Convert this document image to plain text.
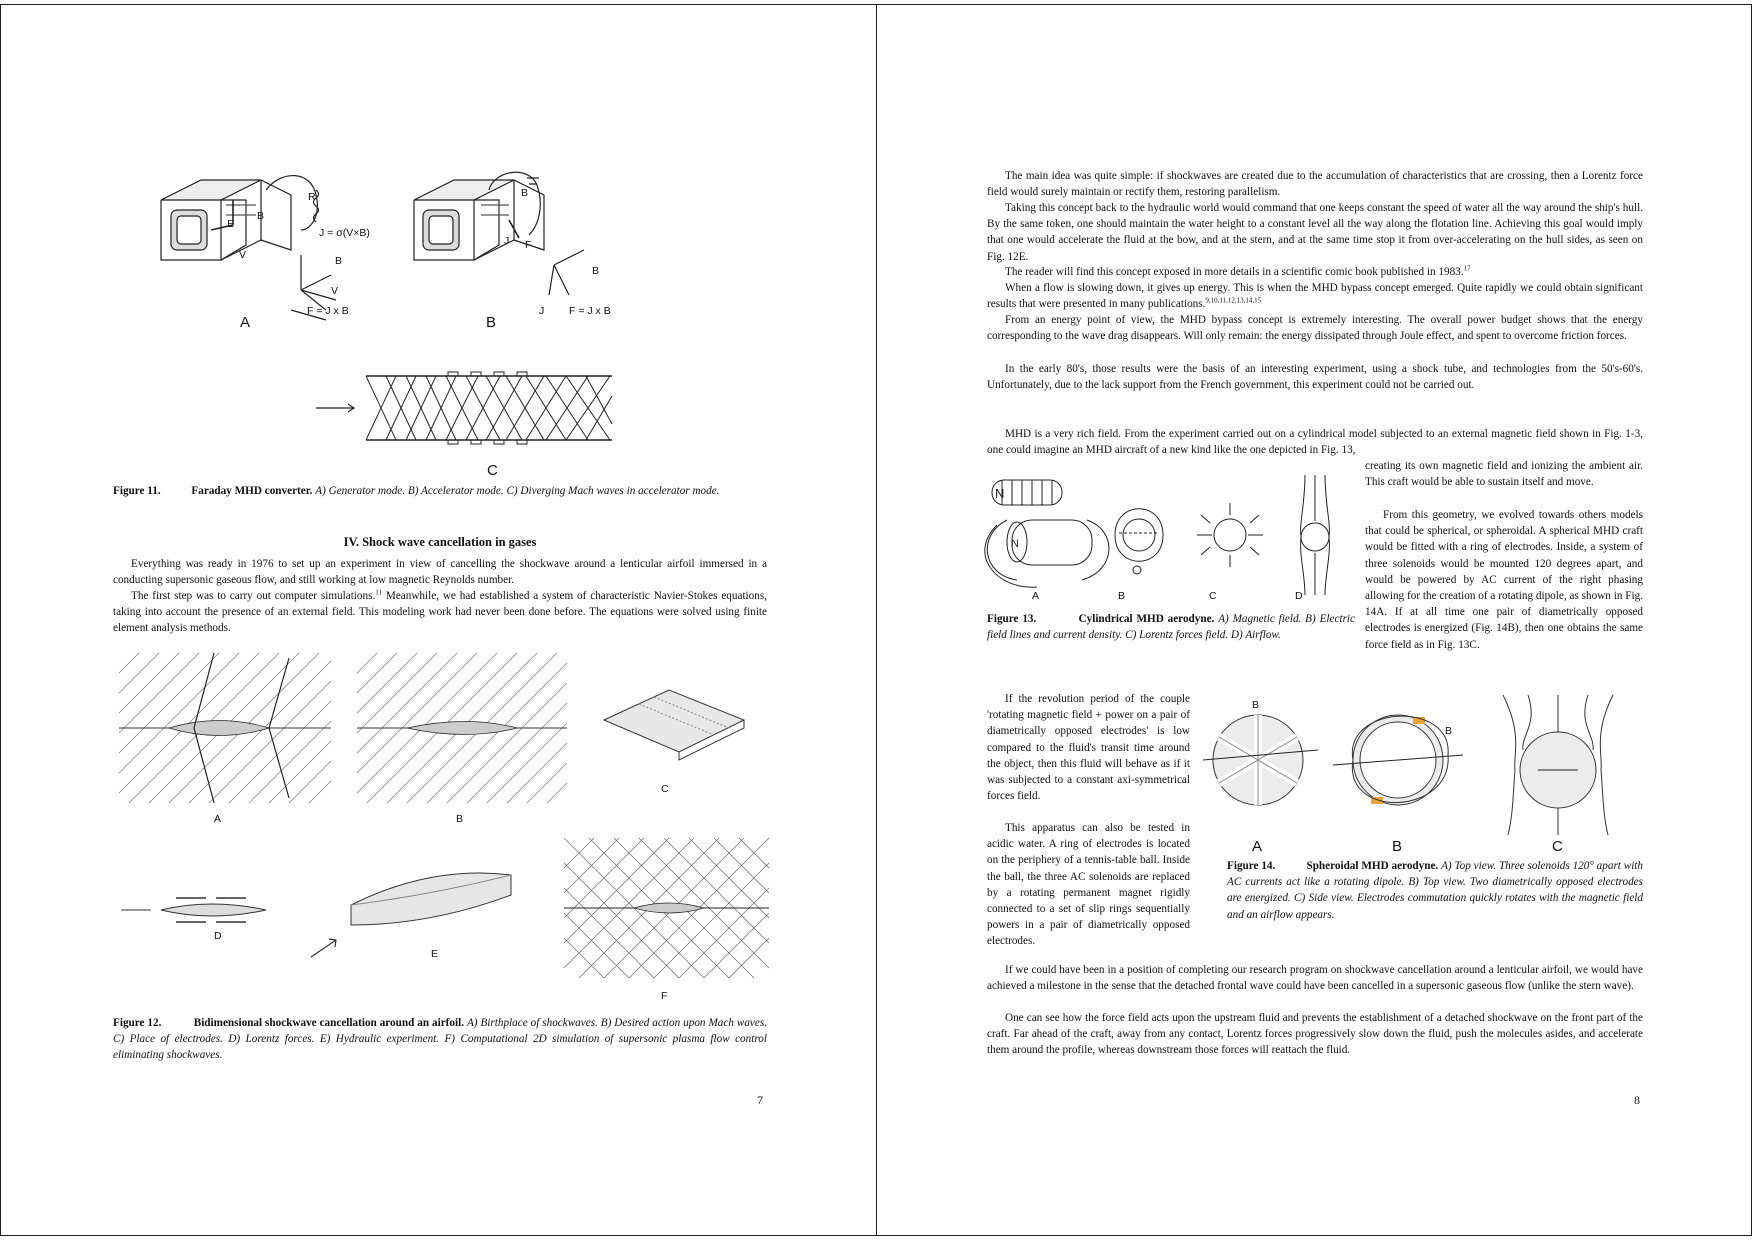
R
E
B
V
J = σ(V×B)
B
V
F = J x B
A
B
J F
B
J F = J x B
B
C

Figure 11.	Faraday MHD converter. A) Generator mode. B) Accelerator mode. C) Diverging Mach waves in accelerator mode.

IV. Shock wave cancellation in gases

Everything was ready in 1976 to set up an experiment in view of cancelling the shockwave around a lenticular airfoil immersed in a conducting supersonic gaseous flow, and still working at low magnetic Reynolds number.

The first step was to carry out computer simulations.$^{11}$ Meanwhile, we had established a system of characteristic Navier-Stokes equations, taking into account the presence of an external field. This modeling work had never been done before. The equations were solved using finite element analysis methods.

A	B
C
D
E
F

Figure 12.	Bidimensional shockwave cancellation around an airfoil. A) Birthplace of shockwaves. B) Desired action upon Mach waves. C) Place of electrodes. D) Lorentz forces. E) Hydraulic experiment. F) Computational 2D simulation of supersonic plasma flow control eliminating shockwaves.

7

The main idea was quite simple: if shockwaves are created due to the accumulation of characteristics that are crossing, then a Lorentz force field would surely maintain or rectify them, restoring parallelism.

Taking this concept back to the hydraulic world would command that one keeps constant the speed of water all the way around the ship's hull. By the same token, one should maintain the water height to a constant level all the way along the flotation line. Achieving this goal would imply that one would accelerate the fluid at the bow, and at the stern, and at the same time stop it from over-accelerating on the hull sides, as seen on Fig. 12E.

The reader will find this concept exposed in more details in a scientific comic book published in 1983.17

When a flow is slowing down, it gives up energy. This is when the MHD bypass concept emerged. Quite rapidly we could obtain significant results that were presented in many publications.$^{9,10,11,12,13,14,15}$

From an energy point of view, the MHD bypass concept is extremely interesting. The overall power budget shows that the energy corresponding to the wave drag disappears. Will only remain: the energy dissipated through Joule effect, and spent to overcome friction forces.

In the early 80's, those results were the basis of an interesting experiment, using a shock tube, and technologies from the 50's-60's. Unfortunately, due to the lack support from the French government, this experiment could not be carried out.

MHD is a very rich field. From the experiment carried out on a cylindrical model subjected to an external magnetic field shown in Fig. 1-3, one could imagine an MHD aircraft of a new kind like the one depicted in Fig. 13,

creating its own magnetic field and ionizing the ambient air. This craft would be able to sustain itself and move.

From this geometry, we evolved towards others models that could be spherical, or spheroidal. A spherical MHD craft would be fitted with a ring of electrodes. Inside, a system of three solenoids would be mounted 120 degrees apart, and would be powered by AC current of the right phasing allowing for the creation of a rotating dipole, as shown in Fig. 14A. If at all time one pair of diametrically opposed electrodes is energized (Fig. 14B), then one obtains the same force field as in Fig. 13C.

N
N
A	B	C	D

Figure 13.	Cylindrical MHD aerodyne. A) Magnetic field. B) Electric field lines and current density. C) Lorentz forces field. D) Airflow.

If the revolution period of the couple 'rotating magnetic field + power on a pair of diametrically opposed electrodes' is low compared to the fluid's transit time around the object, then this fluid will behave as if it was subjected to a constant axi-symmetrical forces field.

This apparatus can also be tested in acidic water. A ring of electrodes is located on the periphery of a tennis-table ball. Inside the ball, the three AC solenoids are replaced by a rotating permanent magnet rigidly connected to a set of slip rings sequentially powers in a pair of diametrically opposed electrodes.

B
B
A	B	C

Figure 14.	Spheroidal MHD aerodyne. A) Top view. Three solenoids 120° apart with AC currents act like a rotating dipole. B) Top view. Two diametrically opposed electrodes are energized. C) Side view. Electrodes commutation quickly rotates with the magnetic field and an airflow appears.

If we could have been in a position of completing our research program on shockwave cancellation around a lenticular airfoil, we would have achieved a milestone in the sense that the detached frontal wave could have been cancelled in a supersonic gaseous flow (unlike the stern wave).

One can see how the force field acts upon the upstream fluid and prevents the establishment of a detached shockwave on the front part of the craft. Far ahead of the craft, away from any contact, Lorentz forces progressively slow down the fluid, push the molecules asides, and accelerate them around the profile, whereas downstream those forces will reattach the fluid.

8
